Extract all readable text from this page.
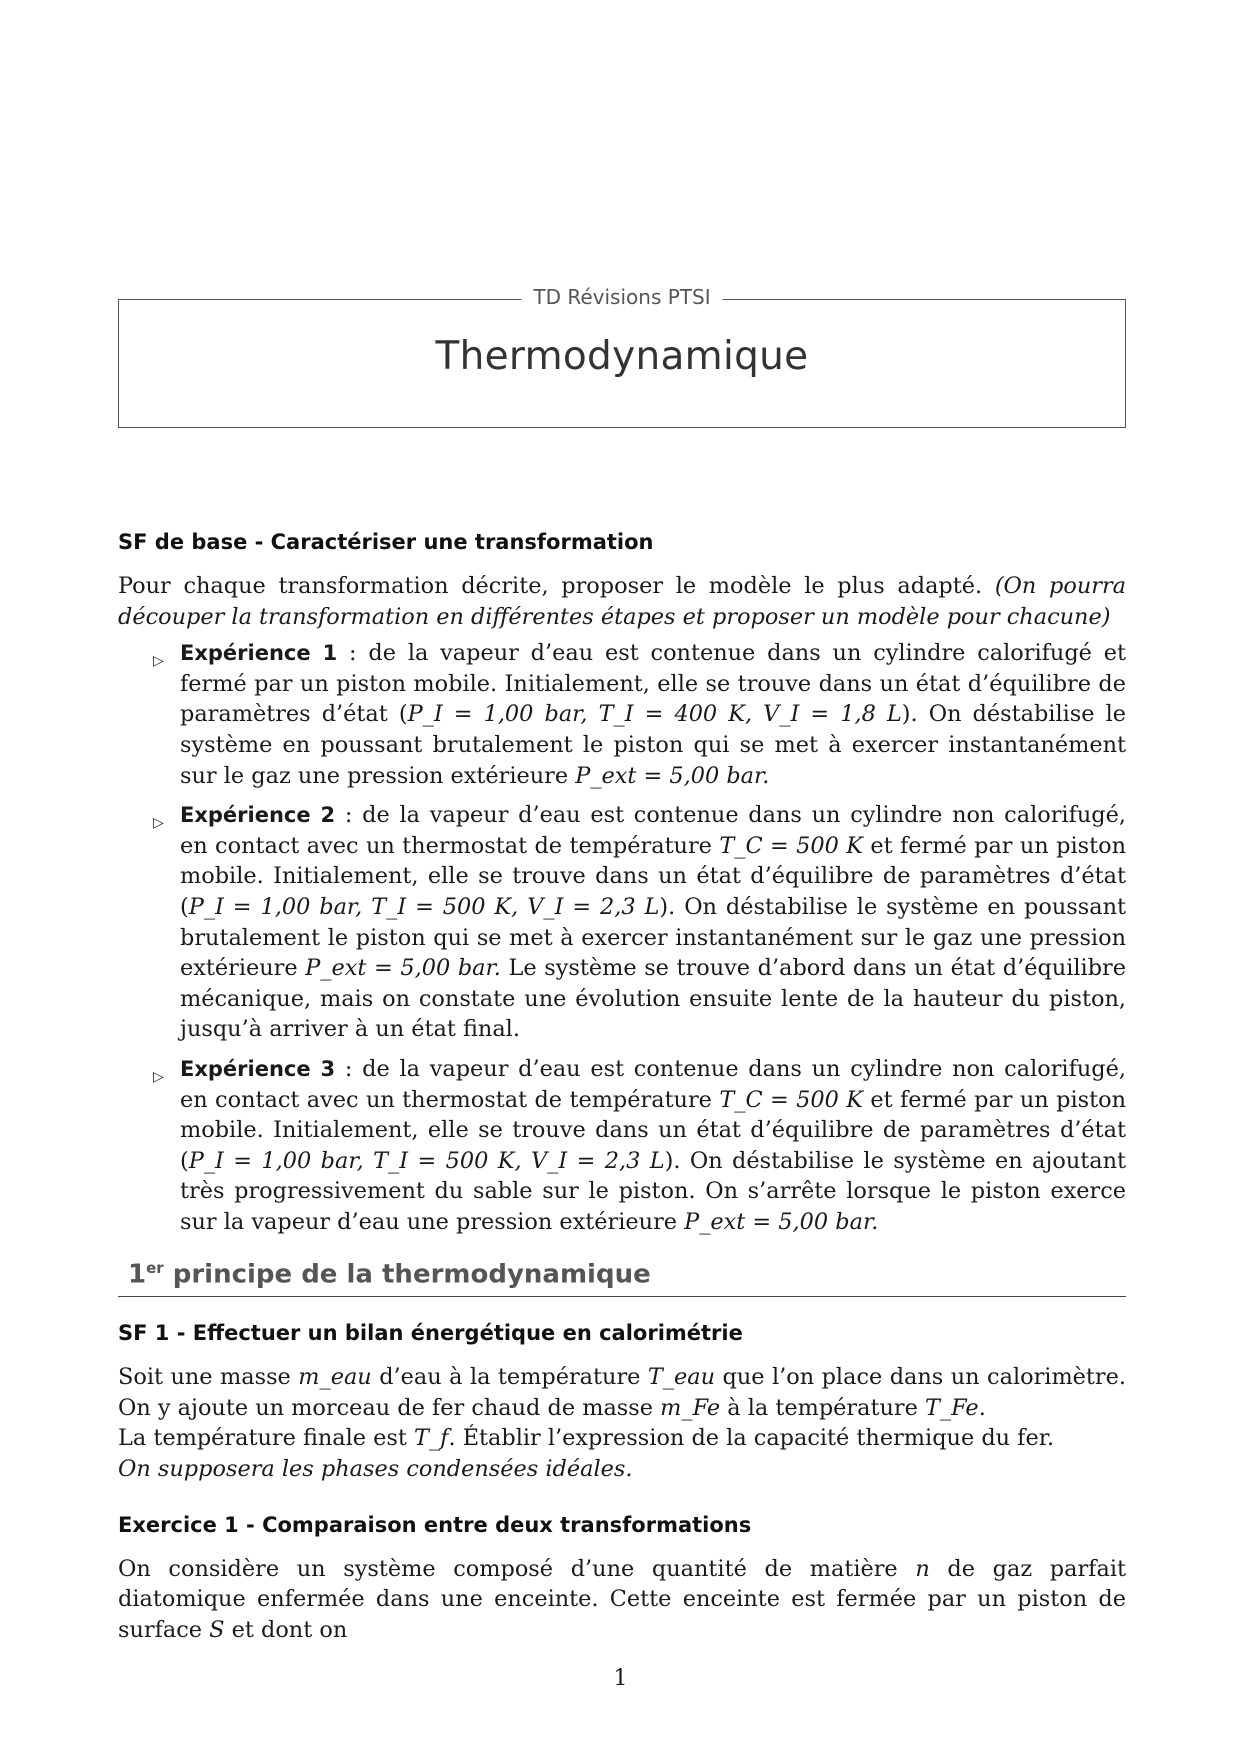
TD Révisions PTSI
Thermodynamique
SF de base - Caractériser une transformation

Pour chaque transformation décrite, proposer le modèle le plus adapté. (On pourra découper la transformation en différentes étapes et proposer un modèle pour chacune)

▷ Expérience 1 : de la vapeur d’eau est contenue dans un cylindre calorifugé et fermé par un piston mobile. Initialement, elle se trouve dans un état d’équilibre de paramètres d’état (P_I = 1,00 bar, T_I = 400 K, V_I = 1,8 L). On déstabilise le système en poussant brutalement le piston qui se met à exercer instantanément sur le gaz une pression extérieure P_ext = 5,00 bar.
▷ Expérience 2 : de la vapeur d’eau est contenue dans un cylindre non calorifugé, en contact avec un thermostat de température T_C = 500 K et fermé par un piston mobile. Initialement, elle se trouve dans un état d’équilibre de paramètres d’état (P_I = 1,00 bar, T_I = 500 K, V_I = 2,3 L). On déstabilise le système en poussant brutalement le piston qui se met à exercer instantanément sur le gaz une pression extérieure P_ext = 5,00 bar. Le système se trouve d’abord dans un état d’équilibre mécanique, mais on constate une évolution ensuite lente de la hauteur du piston, jusqu’à arriver à un état final.
▷ Expérience 3 : de la vapeur d’eau est contenue dans un cylindre non calorifugé, en contact avec un thermostat de température T_C = 500 K et fermé par un piston mobile. Initialement, elle se trouve dans un état d’équilibre de paramètres d’état (P_I = 1,00 bar, T_I = 500 K, V_I = 2,3 L). On déstabilise le système en ajoutant très progressivement du sable sur le piston. On s’arrête lorsque le piston exerce sur la vapeur d’eau une pression extérieure P_ext = 5,00 bar.
1er principe de la thermodynamique
SF 1 - Effectuer un bilan énergétique en calorimétrie

Soit une masse m_eau d’eau à la température T_eau que l’on place dans un calorimètre. On y ajoute un morceau de fer chaud de masse m_Fe à la température T_Fe.
La température finale est T_f. Établir l’expression de la capacité thermique du fer.
On supposera les phases condensées idéales.

Exercice 1 - Comparaison entre deux transformations

On considère un système composé d’une quantité de matière n de gaz parfait diatomique enfermée dans une enceinte. Cette enceinte est fermée par un piston de surface S et dont on

1
